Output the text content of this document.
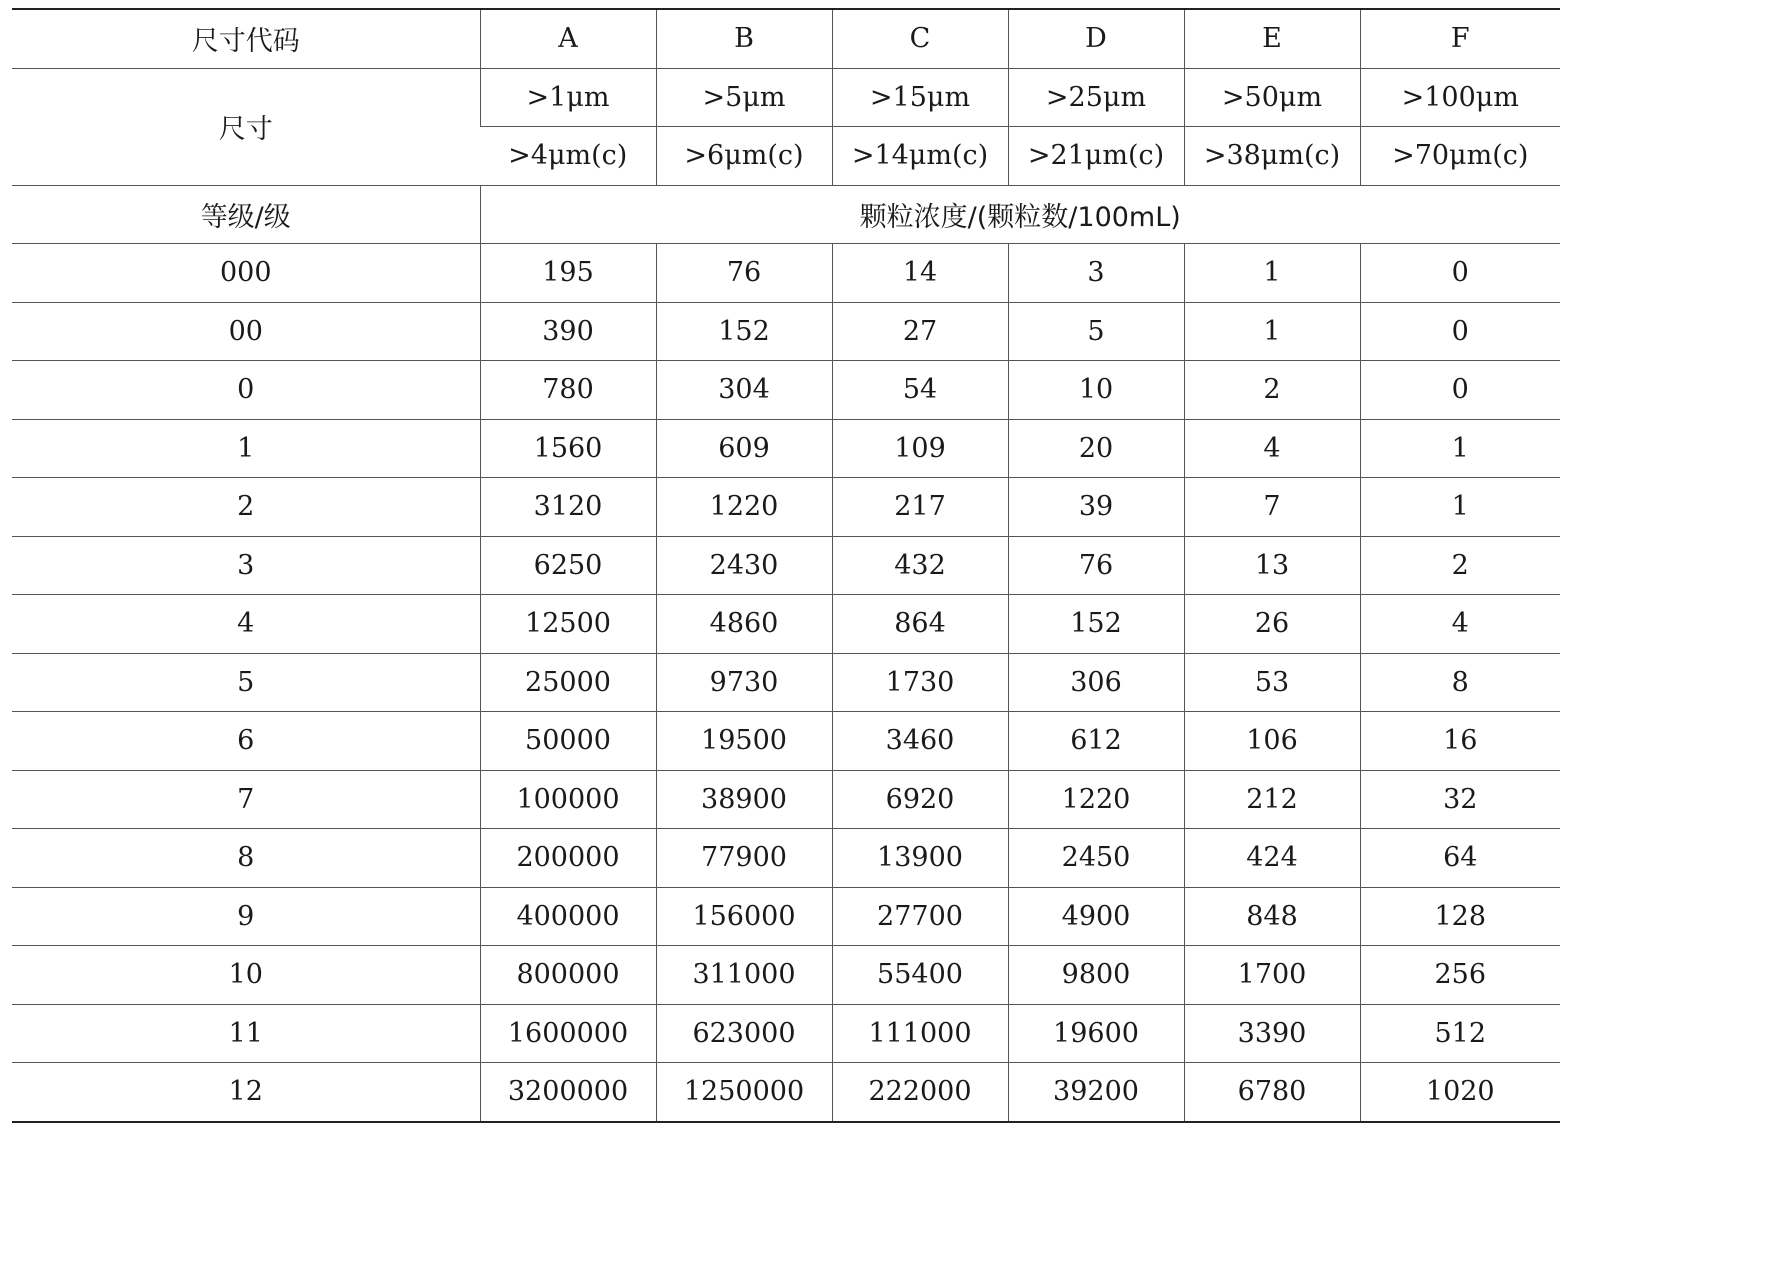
尺寸代码	A	B	C	D	E	F
尺寸	>1μm	>5μm	>15μm	>25μm	>50μm	>100μm
	>4μm(c)	>6μm(c)	>14μm(c)	>21μm(c)	>38μm(c)	>70μm(c)
等级/级	颗粒浓度/(颗粒数/100mL)					
000	195	76	14	3	1	0
00	390	152	27	5	1	0
0	780	304	54	10	2	0
1	1560	609	109	20	4	1
2	3120	1220	217	39	7	1
3	6250	2430	432	76	13	2
4	12500	4860	864	152	26	4
5	25000	9730	1730	306	53	8
6	50000	19500	3460	612	106	16
7	100000	38900	6920	1220	212	32
8	200000	77900	13900	2450	424	64
9	400000	156000	27700	4900	848	128
10	800000	311000	55400	9800	1700	256
11	1600000	623000	111000	19600	3390	512
12	3200000	1250000	222000	39200	6780	1020
